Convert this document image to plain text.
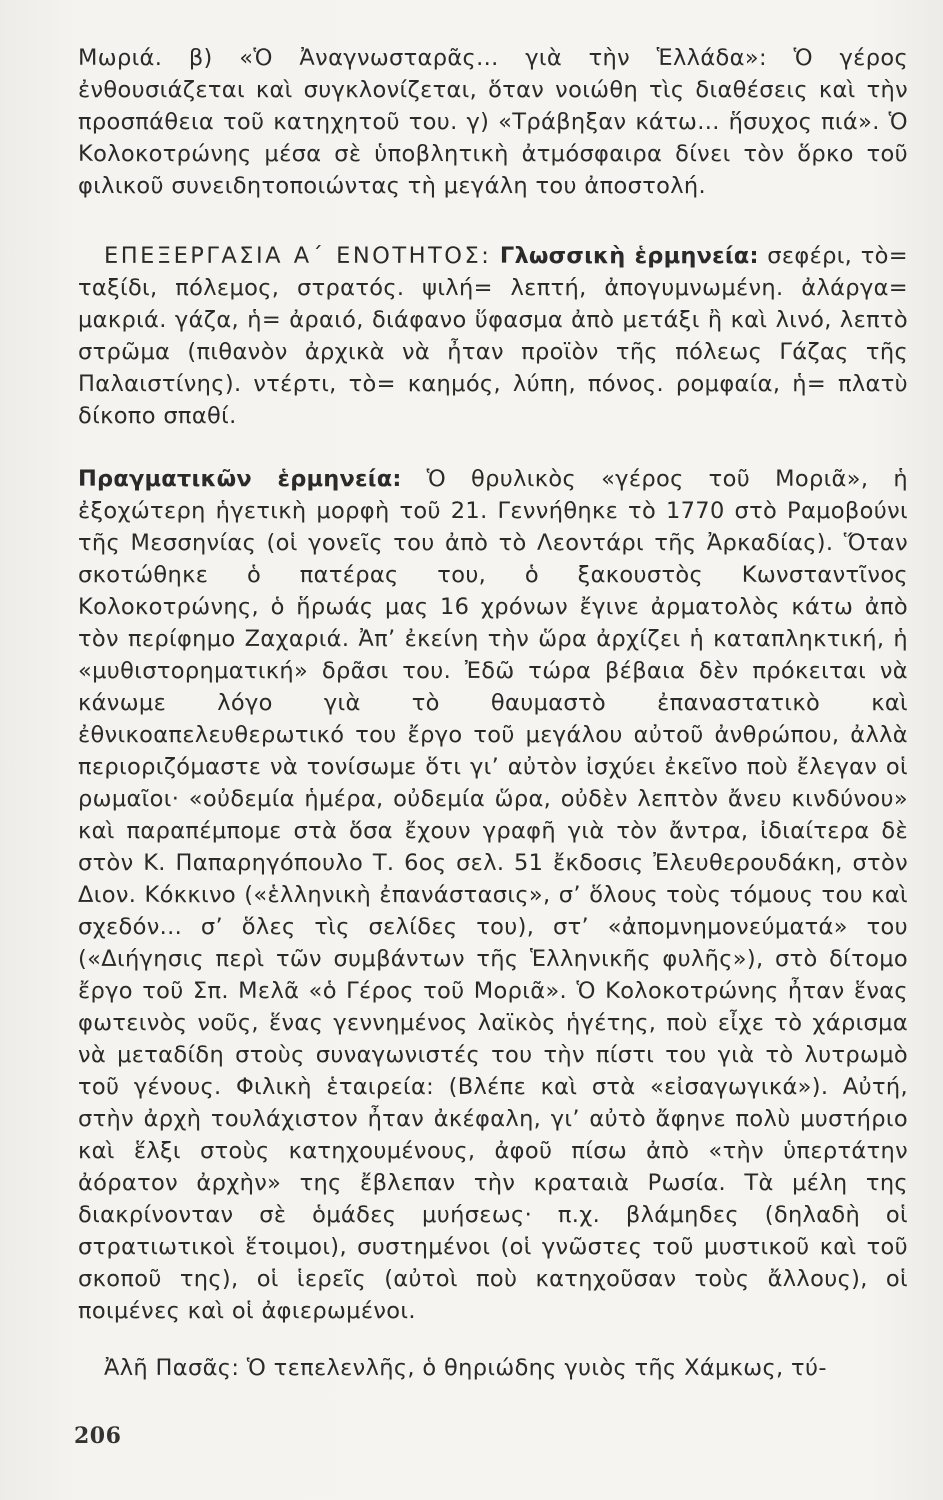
Μωριά. β) «Ὁ Ἀναγνωσταρᾶς... γιὰ τὴν Ἑλλάδα»: Ὁ γέρος ἐνθουσιάζεται καὶ συγκλονίζεται, ὅταν νοιώθη τὶς διαθέσεις καὶ τὴν προσπάθεια τοῦ κατηχητοῦ του. γ) «Τράβηξαν κάτω... ἥσυχος πιά». Ὁ Κολοκοτρώνης μέσα σὲ ὑποβλητικὴ ἀτμόσφαιρα δίνει τὸν ὅρκο τοῦ φιλικοῦ συνειδητοποιώντας τὴ μεγάλη του ἀποστολή.

ΕΠΕΞΕΡΓΑΣΙΑ Α΄ ΕΝΟΤΗΤΟΣ: Γλωσσικὴ ἑρμηνεία: σεφέρι, τὸ= ταξίδι, πόλεμος, στρατός. ψιλή= λεπτή, ἀπογυμνωμένη. ἀλάργα= μακριά. γάζα, ἡ= ἀραιό, διάφανο ὕφασμα ἀπὸ μετάξι ἢ καὶ λινό, λεπτὸ στρῶμα (πιθανὸν ἀρχικὰ νὰ ἦταν προϊὸν τῆς πόλεως Γάζας τῆς Παλαιστίνης). ντέρτι, τὸ= καημός, λύπη, πόνος. ρομφαία, ἡ= πλατὺ δίκοπο σπαθί.

Πραγματικῶν ἑρμηνεία: Ὁ θρυλικὸς «γέρος τοῦ Μοριᾶ», ἡ ἐξοχώτερη ἡγετικὴ μορφὴ τοῦ 21. Γεννήθηκε τὸ 1770 στὸ Ραμοβούνι τῆς Μεσσηνίας (οἱ γονεῖς του ἀπὸ τὸ Λεοντάρι τῆς Ἀρκαδίας). Ὅταν σκοτώθηκε ὁ πατέρας του, ὁ ξακουστὸς Κωνσταντῖνος Κολοκοτρώνης, ὁ ἥρωάς μας 16 χρόνων ἔγινε ἀρματολὸς κάτω ἀπὸ τὸν περίφημο Ζαχαριά. Ἀπ’ ἐκείνη τὴν ὥρα ἀρχίζει ἡ καταπληκτική, ἡ «μυθιστορηματική» δρᾶσι του. Ἐδῶ τώρα βέβαια δὲν πρόκειται νὰ κάνωμε λόγο γιὰ τὸ θαυμαστὸ ἐπαναστατικὸ καὶ ἐθνικοαπελευθερωτικό του ἔργο τοῦ μεγάλου αὐτοῦ ἀνθρώπου, ἀλλὰ περιοριζόμαστε νὰ τονίσωμε ὅτι γι’ αὐτὸν ἰσχύει ἐκεῖνο ποὺ ἔλεγαν οἱ ρωμαῖοι· «οὐδεμία ἡμέρα, οὐδεμία ὥρα, οὐδὲν λεπτὸν ἄνευ κινδύνου» καὶ παραπέμπομε στὰ ὅσα ἔχουν γραφῆ γιὰ τὸν ἄντρα, ἰδιαίτερα δὲ στὸν Κ. Παπαρηγόπουλο Τ. 6ος σελ. 51 ἔκδοσις Ἐλευθερουδάκη, στὸν Διον. Κόκκινο («ἑλληνικὴ ἐπανάστασις», σ’ ὅλους τοὺς τόμους του καὶ σχεδόν... σ’ ὅλες τὶς σελίδες του), στ’ «ἀπομνημονεύματά» του («Διήγησις περὶ τῶν συμβάντων τῆς Ἑλληνικῆς φυλῆς»), στὸ δίτομο ἔργο τοῦ Σπ. Μελᾶ «ὁ Γέρος τοῦ Μοριᾶ». Ὁ Κολοκοτρώνης ἦταν ἕνας φωτεινὸς νοῦς, ἕνας γεννημένος λαϊκὸς ἡγέτης, ποὺ εἶχε τὸ χάρισμα νὰ μεταδίδη στοὺς συναγωνιστές του τὴν πίστι του γιὰ τὸ λυτρωμὸ τοῦ γένους. Φιλικὴ ἑταιρεία: (Βλέπε καὶ στὰ «εἰσαγωγικά»). Αὐτή, στὴν ἀρχὴ τουλάχιστον ἦταν ἀκέφαλη, γι’ αὐτὸ ἄφηνε πολὺ μυστήριο καὶ ἕλξι στοὺς κατηχουμένους, ἀφοῦ πίσω ἀπὸ «τὴν ὑπερτάτην ἀόρατον ἀρχὴν» της ἔβλεπαν τὴν κραταιὰ Ρωσία. Τὰ μέλη της διακρίνονταν σὲ ὁμάδες μυήσεως· π.χ. βλάμηδες (δηλαδὴ οἱ στρατιωτικοὶ ἕτοιμοι), συστημένοι (οἱ γνῶστες τοῦ μυστικοῦ καὶ τοῦ σκοποῦ της), οἱ ἱερεῖς (αὐτοὶ ποὺ κατηχοῦσαν τοὺς ἄλλους), οἱ ποιμένες καὶ οἱ ἀφιερωμένοι.

Ἀλῆ Πασᾶς: Ὁ τεπελενλῆς, ὁ θηριώδης γυιὸς τῆς Χάμκως, τύ-

206
